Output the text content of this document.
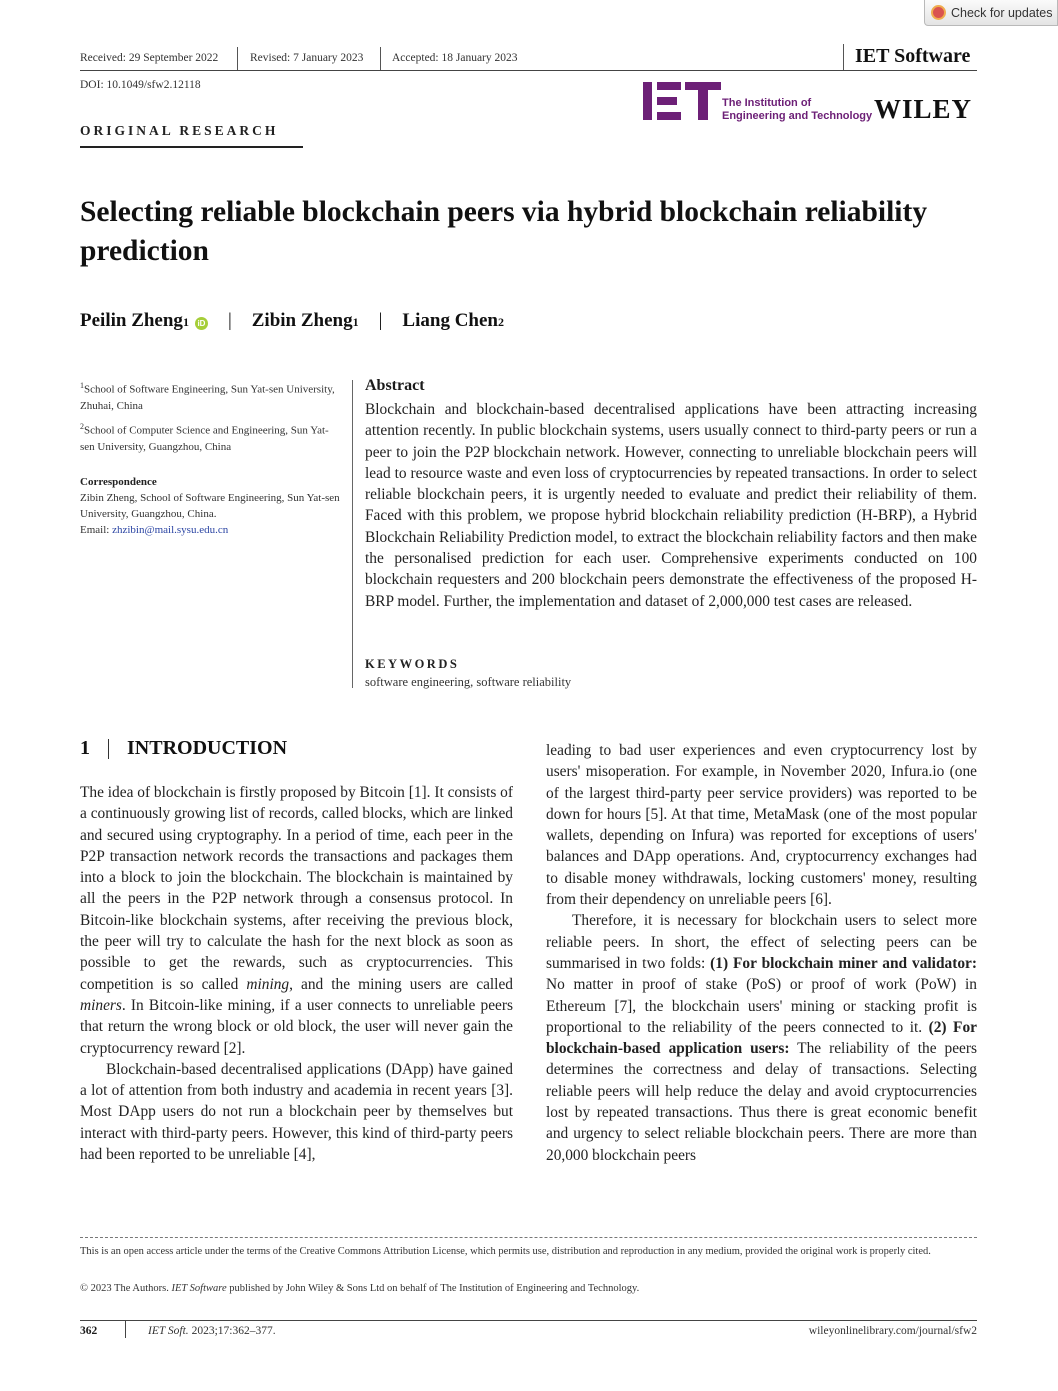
Check for updates
Received: 29 September 2022	Revised: 7 January 2023 Accepted: 18 January 2023	IET Software
DOI: 10.1049/sfw2.12118
The Institution of
Engineering and Technology WILEY
ORIGINAL RESEARCH
Selecting reliable blockchain peers via hybrid blockchain reliability prediction
Peilin Zheng 1	iD | Zibin Zheng 1 | Liang Chen 2
$^1$School of Software Engineering, Sun Yat-sen University, Zhuhai, China
$^2$School of Computer Science and Engineering, Sun Yat-sen University, Guangzhou, China
Correspondence
Zibin Zheng, School of Software Engineering, Sun Yat-sen University, Guangzhou, China.
Email: zhzibin@mail.sysu.edu.cn
Abstract
Blockchain and blockchain-based decentralised applications have been attracting increasing attention recently. In public blockchain systems, users usually connect to third-party peers or run a peer to join the P2P blockchain network. However, connecting to unreliable blockchain peers will lead to resource waste and even loss of cryptocurrencies by repeated transactions. In order to select reliable blockchain peers, it is urgently needed to evaluate and predict their reliability of them. Faced with this problem, we propose hybrid blockchain reliability prediction (H-BRP), a Hybrid Blockchain Reliability Prediction model, to extract the blockchain reliability factors and then make the personalised prediction for each user. Comprehensive experiments conducted on 100 blockchain requesters and 200 blockchain peers demonstrate the effectiveness of the proposed H-BRP model. Further, the implementation and dataset of 2,000,000 test cases are released.
KEYWORDS
software engineering, software reliability
1 INTRODUCTION

The idea of blockchain is firstly proposed by Bitcoin [1]. It consists of a continuously growing list of records, called blocks, which are linked and secured using cryptography. In a period of time, each peer in the P2P transaction network records the transactions and packages them into a block to join the blockchain. The blockchain is maintained by all the peers in the P2P network through a consensus protocol. In Bitcoin-like blockchain systems, after receiving the previous block, the peer will try to calculate the hash for the next block as soon as possible to get the rewards, such as cryptocurrencies. This competition is so called mining, and the mining users are called miners. In Bitcoin-like mining, if a user connects to unreliable peers that return the wrong block or old block, the user will never gain the cryptocurrency reward [2].

Blockchain-based decentralised applications (DApp) have gained a lot of attention from both industry and academia in recent years [3]. Most DApp users do not run a blockchain peer by themselves but interact with third-party peers. However, this kind of third-party peers had been reported to be unreliable [4],

leading to bad user experiences and even cryptocurrency lost by users' misoperation. For example, in November 2020, Infura.io (one of the largest third-party peer service providers) was reported to be down for hours [5]. At that time, MetaMask (one of the most popular wallets, depending on Infura) was reported for exceptions of users' balances and DApp operations. And, cryptocurrency exchanges had to disable money withdrawals, locking customers' money, resulting from their dependency on unreliable peers [6].

Therefore, it is necessary for blockchain users to select more reliable peers. In short, the effect of selecting peers can be summarised in two folds: (1) For blockchain miner and validator: No matter in proof of stake (PoS) or proof of work (PoW) in Ethereum [7], the blockchain users' mining or stacking profit is proportional to the reliability of the peers connected to it. (2) For blockchain-based application users: The reliability of the peers determines the correctness and delay of transactions. Selecting reliable peers will help reduce the delay and avoid cryptocurrencies lost by repeated transactions. Thus there is great economic benefit and urgency to select reliable blockchain peers. There are more than 20,000 blockchain peers

This is an open access article under the terms of the Creative Commons Attribution License, which permits use, distribution and reproduction in any medium, provided the original work is properly cited.
© 2023 The Authors. IET Software published by John Wiley & Sons Ltd on behalf of The Institution of Engineering and Technology.
362	IET Soft. 2023;17:362–377.	wileyonlinelibrary.com/journal/sfw2
